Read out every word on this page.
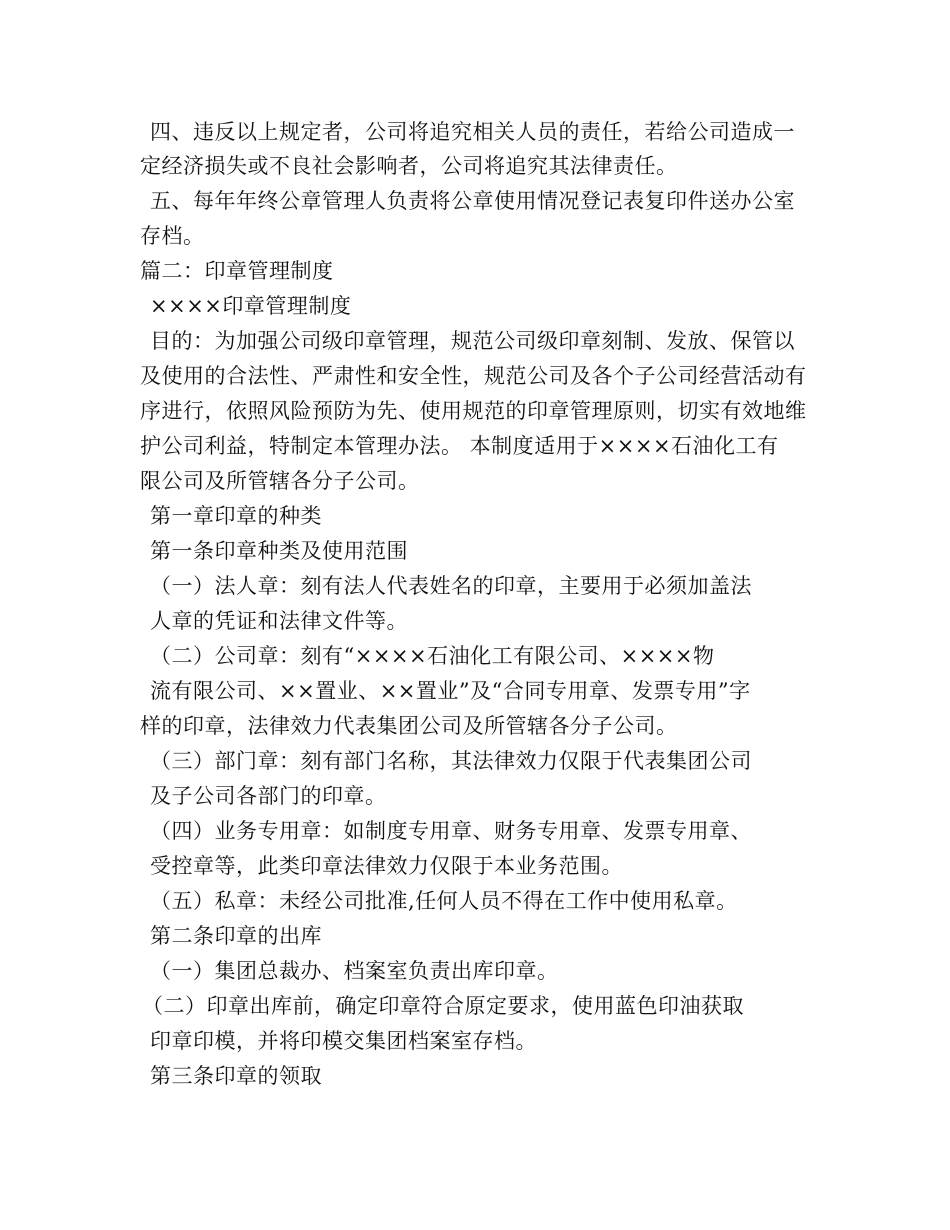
四、违反以上规定者，公司将追究相关人员的责任，若给公司造成一
定经济损失或不良社会影响者，公司将追究其法律责任。
五、每年年终公章管理人负责将公章使用情况登记表复印件送办公室
存档。
篇二：印章管理制度
××××印章管理制度
目的：为加强公司级印章管理，规范公司级印章刻制、发放、保管以
及使用的合法性、严肃性和安全性，规范公司及各个子公司经营活动有
序进行，依照风险预防为先、使用规范的印章管理原则，切实有效地维
护公司利益，特制定本管理办法。 本制度适用于××××石油化工有
限公司及所管辖各分子公司。
第一章印章的种类
第一条印章种类及使用范围
（一）法人章：刻有法人代表姓名的印章，主要用于必须加盖法
人章的凭证和法律文件等。
（二）公司章：刻有“××××石油化工有限公司、××××物
流有限公司、××置业、××置业”及“合同专用章、发票专用”字
样的印章，法律效力代表集团公司及所管辖各分子公司。
（三）部门章：刻有部门名称，其法律效力仅限于代表集团公司
及子公司各部门的印章。
（四）业务专用章：如制度专用章、财务专用章、发票专用章、
受控章等，此类印章法律效力仅限于本业务范围。
（五）私章：未经公司批准,任何人员不得在工作中使用私章。
第二条印章的出库
（一）集团总裁办、档案室负责出库印章。
（二）印章出库前，确定印章符合原定要求，使用蓝色印油获取
印章印模，并将印模交集团档案室存档。
第三条印章的领取
